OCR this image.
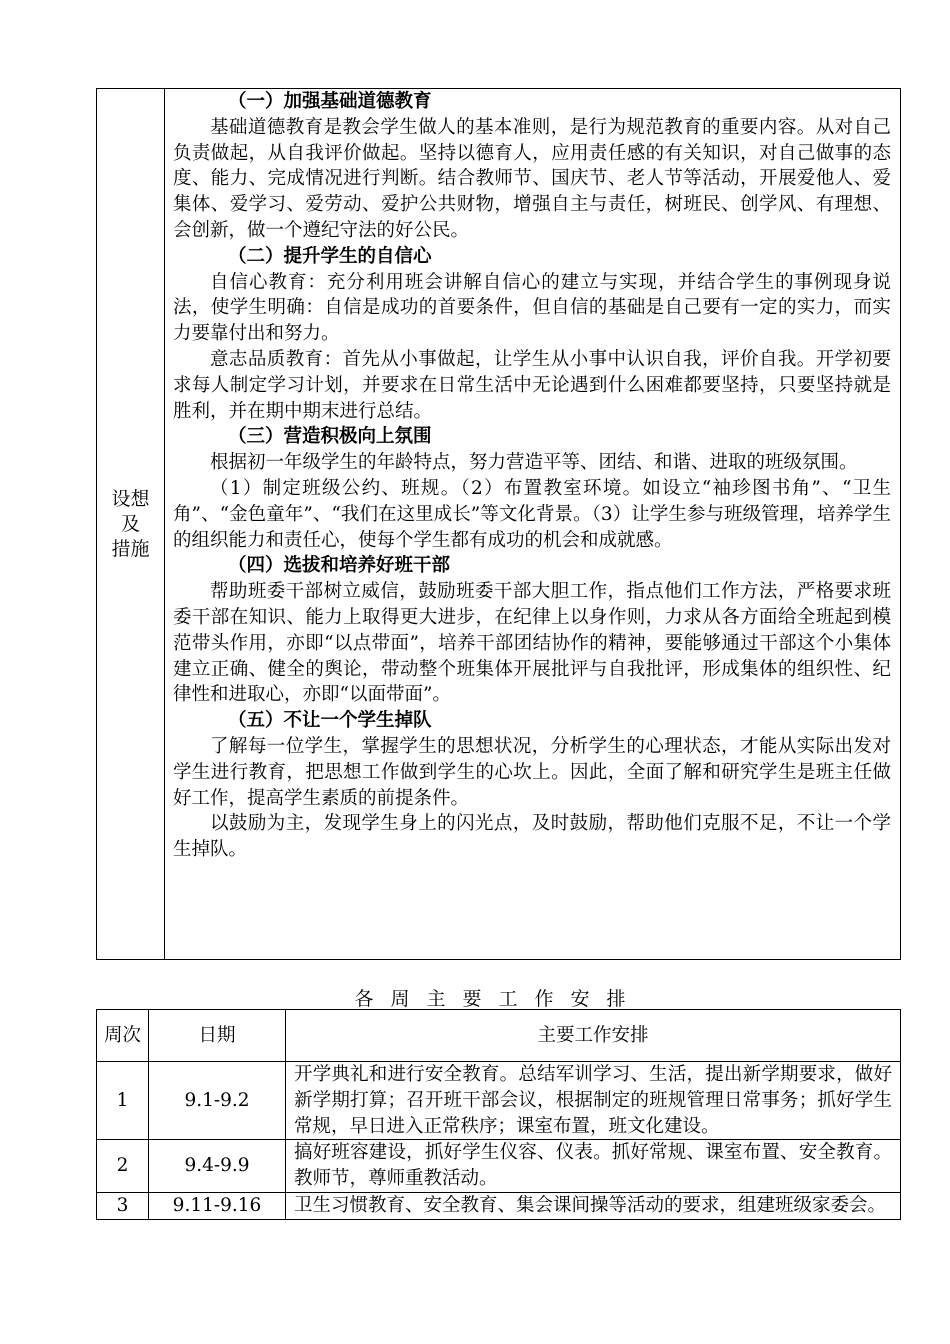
设想
及
措施

（一）加强基础道德教育

基础道德教育是教会学生做人的基本准则，是行为规范教育的重要内容。从对自己负责做起，从自我评价做起。坚持以德育人，应用责任感的有关知识，对自己做事的态度、能力、完成情况进行判断。结合教师节、国庆节、老人节等活动，开展爱他人、爱集体、爱学习、爱劳动、爱护公共财物，增强自主与责任，树班民、创学风、有理想、会创新，做一个遵纪守法的好公民。

（二）提升学生的自信心

自信心教育：充分利用班会讲解自信心的建立与实现，并结合学生的事例现身说法，使学生明确：自信是成功的首要条件，但自信的基础是自己要有一定的实力，而实力要靠付出和努力。

意志品质教育：首先从小事做起，让学生从小事中认识自我，评价自我。开学初要求每人制定学习计划，并要求在日常生活中无论遇到什么困难都要坚持，只要坚持就是胜利，并在期中期末进行总结。

（三）营造积极向上氛围

根据初一年级学生的年龄特点，努力营造平等、团结、和谐、进取的班级氛围。

（1）制定班级公约、班规。（2）布置教室环境。如设立“袖珍图书角”、“卫生角”、“金色童年”、“我们在这里成长”等文化背景。（3）让学生参与班级管理，培养学生的组织能力和责任心，使每个学生都有成功的机会和成就感。

（四）选拔和培养好班干部

帮助班委干部树立威信，鼓励班委干部大胆工作，指点他们工作方法，严格要求班委干部在知识、能力上取得更大进步，在纪律上以身作则，力求从各方面给全班起到模范带头作用，亦即“以点带面”，培养干部团结协作的精神，要能够通过干部这个小集体建立正确、健全的舆论，带动整个班集体开展批评与自我批评，形成集体的组织性、纪律性和进取心，亦即“以面带面”。

（五）不让一个学生掉队

了解每一位学生，掌握学生的思想状况，分析学生的心理状态，才能从实际出发对学生进行教育，把思想工作做到学生的心坎上。因此，全面了解和研究学生是班主任做好工作，提高学生素质的前提条件。

以鼓励为主，发现学生身上的闪光点，及时鼓励，帮助他们克服不足，不让一个学生掉队。

各周主要工作安排
周次	日期	主要工作安排
1	9.1-9.2	开学典礼和进行安全教育。总结军训学习、生活，提出新学期要求，做好新学期打算；召开班干部会议，根据制定的班规管理日常事务；抓好学生常规，早日进入正常秩序；课室布置，班文化建设。
2	9.4-9.9	搞好班容建设，抓好学生仪容、仪表。抓好常规、课室布置、安全教育。教师节，尊师重教活动。
3	9.11-9.16	卫生习惯教育、安全教育、集会课间操等活动的要求，组建班级家委会。
